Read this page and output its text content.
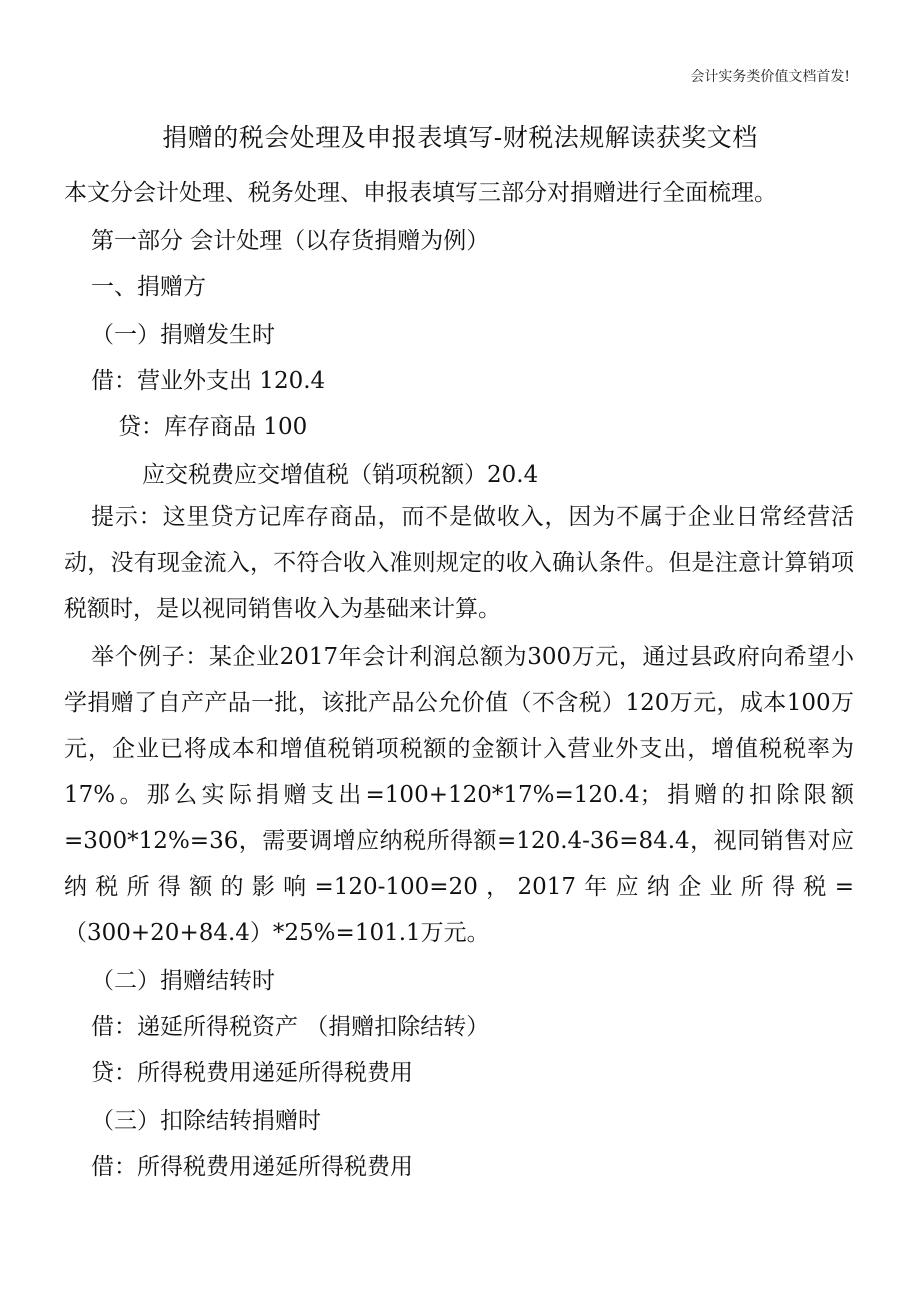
会计实务类价值文档首发!
捐赠的税会处理及申报表填写-财税法规解读获奖文档
本文分会计处理、税务处理、申报表填写三部分对捐赠进行全面梳理。
第一部分 会计处理（以存货捐赠为例）
一、捐赠方
（一）捐赠发生时
借：营业外支出 120.4
贷：库存商品 100
应交税费应交增值税（销项税额）20.4
提示：这里贷方记库存商品，而不是做收入，因为不属于企业日常经营活动，没有现金流入，不符合收入准则规定的收入确认条件。但是注意计算销项税额时，是以视同销售收入为基础来计算。
举个例子：某企业2017年会计利润总额为300万元，通过县政府向希望小学捐赠了自产产品一批，该批产品公允价值（不含税）120万元，成本100万元，企业已将成本和增值税销项税额的金额计入营业外支出，增值税税率为17%。那么实际捐赠支出=100+120*17%=120.4；捐赠的扣除限额=300*12%=36，需要调增应纳税所得额=120.4-36=84.4，视同销售对应纳税所得额的影响=120-100=20，2017年应纳企业所得税=（300+20+84.4）*25%=101.1万元。
（二）捐赠结转时
借：递延所得税资产 （捐赠扣除结转）
贷：所得税费用递延所得税费用
（三）扣除结转捐赠时
借：所得税费用递延所得税费用
